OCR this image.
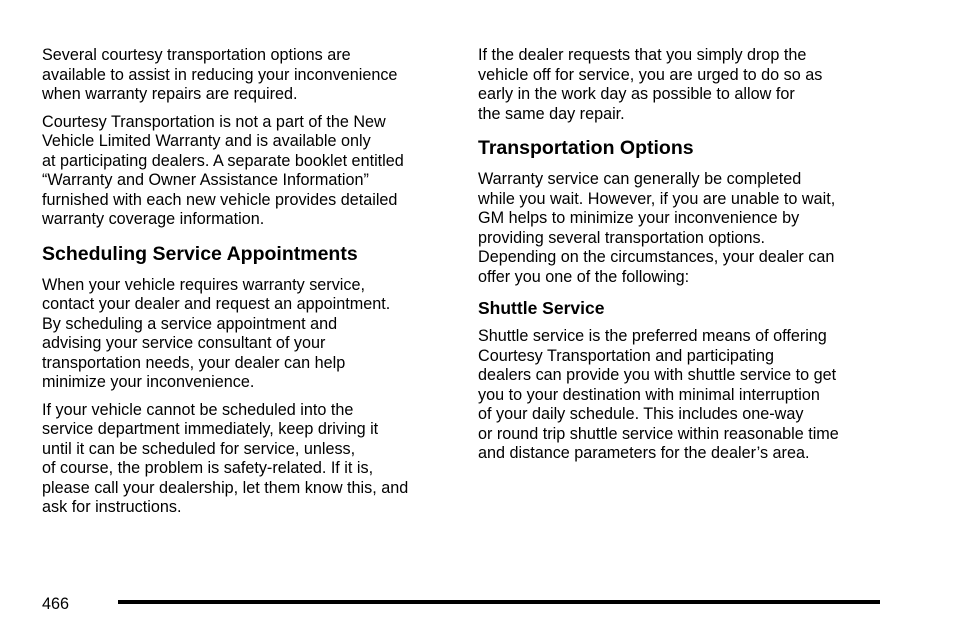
Several courtesy transportation options are
available to assist in reducing your inconvenience
when warranty repairs are required.

Courtesy Transportation is not a part of the New
Vehicle Limited Warranty and is available only
at participating dealers. A separate booklet entitled
“Warranty and Owner Assistance Information”
furnished with each new vehicle provides detailed
warranty coverage information.

Scheduling Service Appointments

When your vehicle requires warranty service,
contact your dealer and request an appointment.
By scheduling a service appointment and
advising your service consultant of your
transportation needs, your dealer can help
minimize your inconvenience.

If your vehicle cannot be scheduled into the
service department immediately, keep driving it
until it can be scheduled for service, unless,
of course, the problem is safety-related. If it is,
please call your dealership, let them know this, and
ask for instructions.

If the dealer requests that you simply drop the
vehicle off for service, you are urged to do so as
early in the work day as possible to allow for
the same day repair.

Transportation Options

Warranty service can generally be completed
while you wait. However, if you are unable to wait,
GM helps to minimize your inconvenience by
providing several transportation options.
Depending on the circumstances, your dealer can
offer you one of the following:

Shuttle Service

Shuttle service is the preferred means of offering
Courtesy Transportation and participating
dealers can provide you with shuttle service to get
you to your destination with minimal interruption
of your daily schedule. This includes one-way
or round trip shuttle service within reasonable time
and distance parameters for the dealer’s area.

466
